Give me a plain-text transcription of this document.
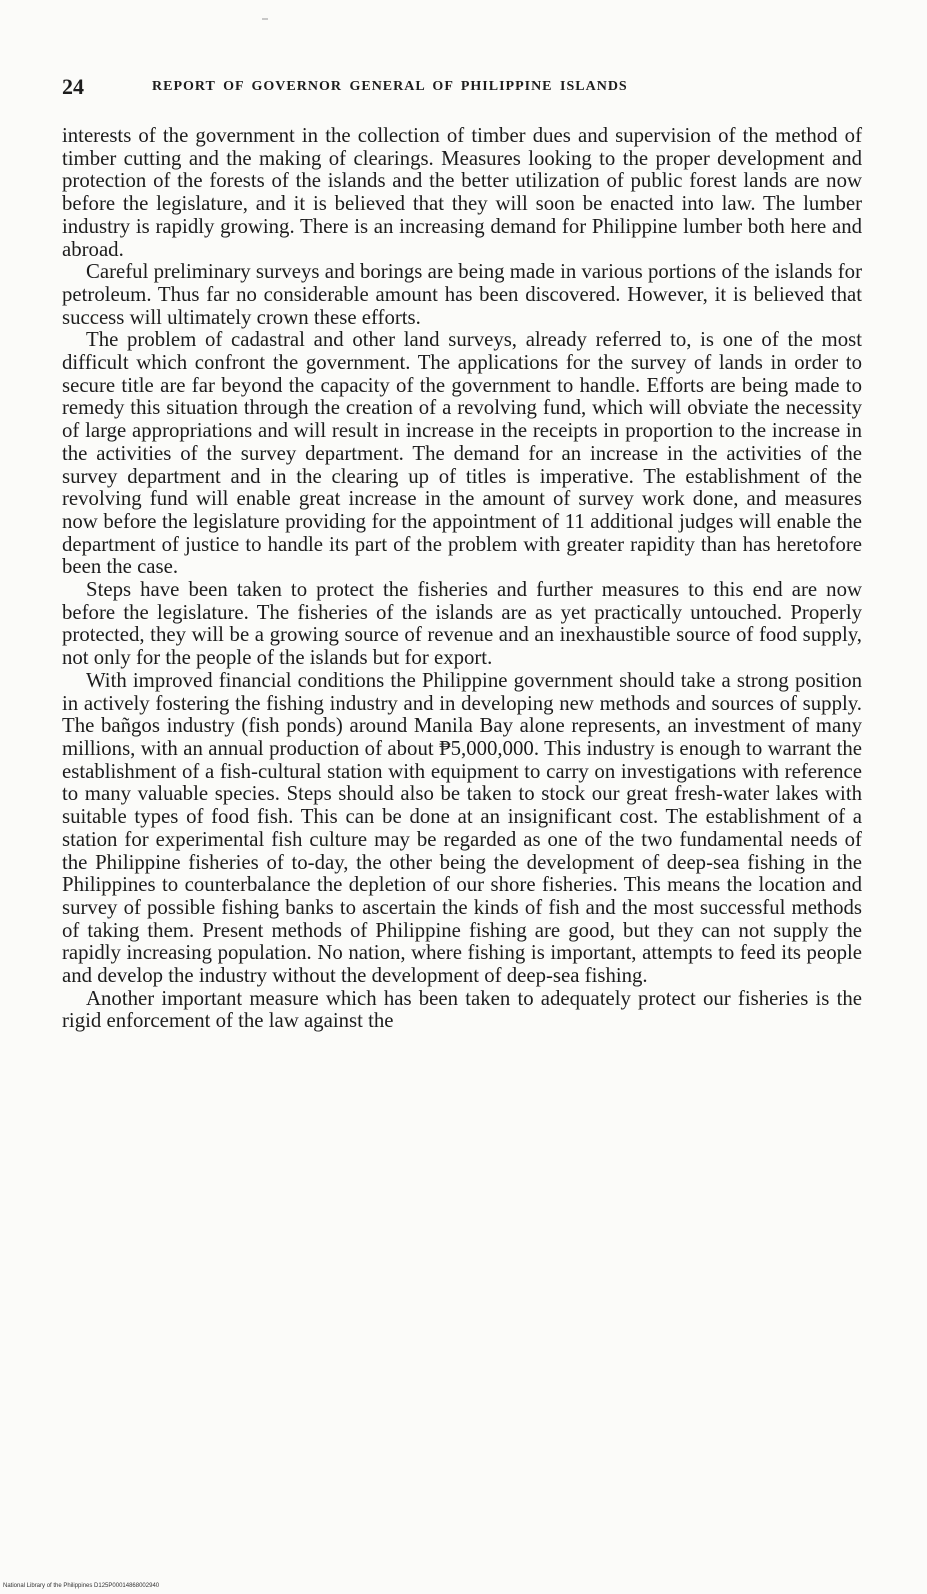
24	REPORT OF GOVERNOR GENERAL OF PHILIPPINE ISLANDS

interests of the government in the collection of timber dues and supervision of the method of timber cutting and the making of clearings. Measures looking to the proper development and protection of the forests of the islands and the better utilization of public forest lands are now before the legislature, and it is believed that they will soon be enacted into law. The lumber industry is rapidly growing. There is an increasing demand for Philippine lumber both here and abroad.

Careful preliminary surveys and borings are being made in various portions of the islands for petroleum. Thus far no considerable amount has been discovered. However, it is believed that success will ultimately crown these efforts.

The problem of cadastral and other land surveys, already referred to, is one of the most difficult which confront the government. The applications for the survey of lands in order to secure title are far beyond the capacity of the government to handle. Efforts are being made to remedy this situation through the creation of a revolving fund, which will obviate the necessity of large appropriations and will result in increase in the receipts in proportion to the increase in the activities of the survey department. The demand for an increase in the activities of the survey department and in the clearing up of titles is imperative. The establishment of the revolving fund will enable great increase in the amount of survey work done, and measures now before the legislature providing for the appointment of 11 additional judges will enable the department of justice to handle its part of the problem with greater rapidity than has heretofore been the case.

Steps have been taken to protect the fisheries and further measures to this end are now before the legislature. The fisheries of the islands are as yet practically untouched. Properly protected, they will be a growing source of revenue and an inexhaustible source of food supply, not only for the people of the islands but for export.

With improved financial conditions the Philippine government should take a strong position in actively fostering the fishing industry and in developing new methods and sources of supply. The bañgos industry (fish ponds) around Manila Bay alone represents, an investment of many millions, with an annual production of about ₱5,000,000. This industry is enough to warrant the establishment of a fish-cultural station with equipment to carry on investigations with reference to many valuable species. Steps should also be taken to stock our great fresh-water lakes with suitable types of food fish. This can be done at an insignificant cost. The establishment of a station for experimental fish culture may be regarded as one of the two fundamental needs of the Philippine fisheries of to-day, the other being the development of deep-sea fishing in the Philippines to counterbalance the depletion of our shore fisheries. This means the location and survey of possible fishing banks to ascertain the kinds of fish and the most successful methods of taking them. Present methods of Philippine fishing are good, but they can not supply the rapidly increasing population. No nation, where fishing is important, attempts to feed its people and develop the industry without the development of deep-sea fishing.

Another important measure which has been taken to adequately protect our fisheries is the rigid enforcement of the law against the

National Library of the Philippines D125P00014868002940
